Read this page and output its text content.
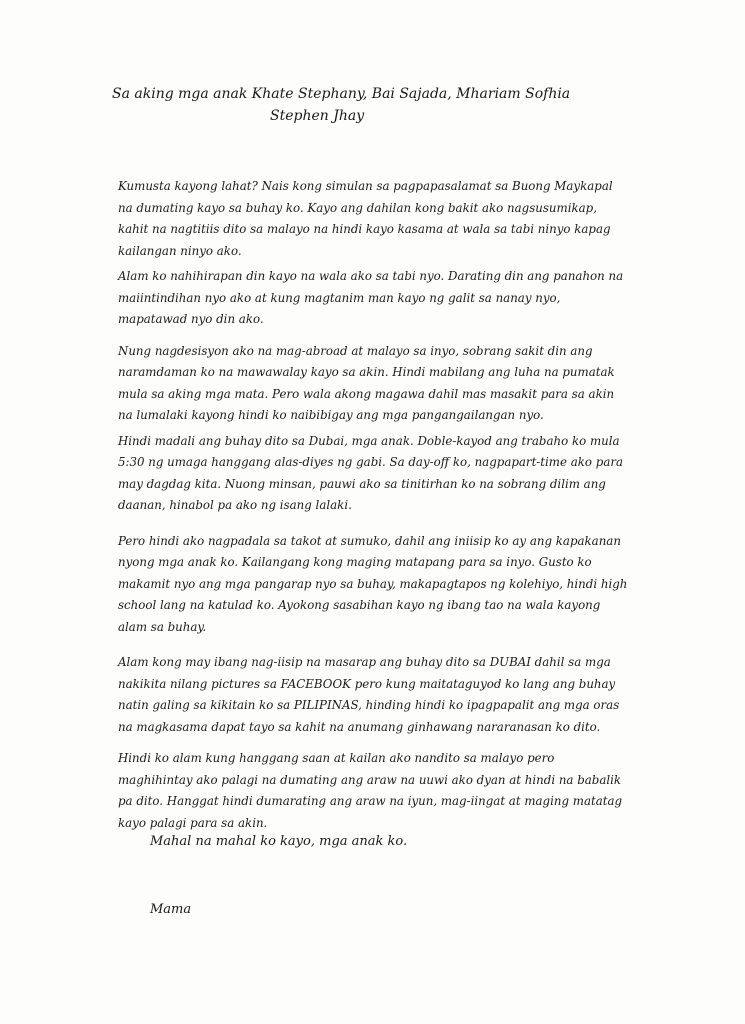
Sa aking mga anak Khate Stephany, Bai Sajada, Mhariam Sofhia
Stephen Jhay

Kumusta kayong lahat? Nais kong simulan sa pagpapasalamat sa Buong Maykapal na dumating kayo sa buhay ko. Kayo ang dahilan kong bakit ako nagsusumikap, kahit na nagtitiis dito sa malayo na hindi kayo kasama at wala sa tabi ninyo kapag kailangan ninyo ako.

Alam ko nahihirapan din kayo na wala ako sa tabi nyo. Darating din ang panahon na maiintindihan nyo ako at kung magtanim man kayo ng galit sa nanay nyo, mapatawad nyo din ako.

Nung nagdesisyon ako na mag-abroad at malayo sa inyo, sobrang sakit din ang naramdaman ko na mawawalay kayo sa akin. Hindi mabilang ang luha na pumatak mula sa aking mga mata. Pero wala akong magawa dahil mas masakit para sa akin na lumalaki kayong hindi ko naibibigay ang mga pangangailangan nyo.

Hindi madali ang buhay dito sa Dubai, mga anak. Doble-kayod ang trabaho ko mula 5:30 ng umaga hanggang alas-diyes ng gabi. Sa day-off ko, nagpapart-time ako para may dagdag kita. Nuong minsan, pauwi ako sa tinitirhan ko na sobrang dilim ang daanan, hinabol pa ako ng isang lalaki.

Pero hindi ako nagpadala sa takot at sumuko, dahil ang iniisip ko ay ang kapakanan nyong mga anak ko. Kailangang kong maging matapang para sa inyo. Gusto ko makamit nyo ang mga pangarap nyo sa buhay, makapagtapos ng kolehiyo, hindi high school lang na katulad ko. Ayokong sasabihan kayo ng ibang tao na wala kayong alam sa buhay.

Alam kong may ibang nag-iisip na masarap ang buhay dito sa DUBAI dahil sa mga nakikita nilang pictures sa FACEBOOK pero kung maitataguyod ko lang ang buhay natin galing sa kikitain ko sa PILIPINAS, hinding hindi ko ipagpapalit ang mga oras na magkasama dapat tayo sa kahit na anumang ginhawang nararanasan ko dito.

Hindi ko alam kung hanggang saan at kailan ako nandito sa malayo pero maghihintay ako palagi na dumating ang araw na uuwi ako dyan at hindi na babalik pa dito. Hanggat hindi dumarating ang araw na iyun, mag-iingat at maging matatag kayo palagi para sa akin.

Mahal na mahal ko kayo, mga anak ko.
Mama
